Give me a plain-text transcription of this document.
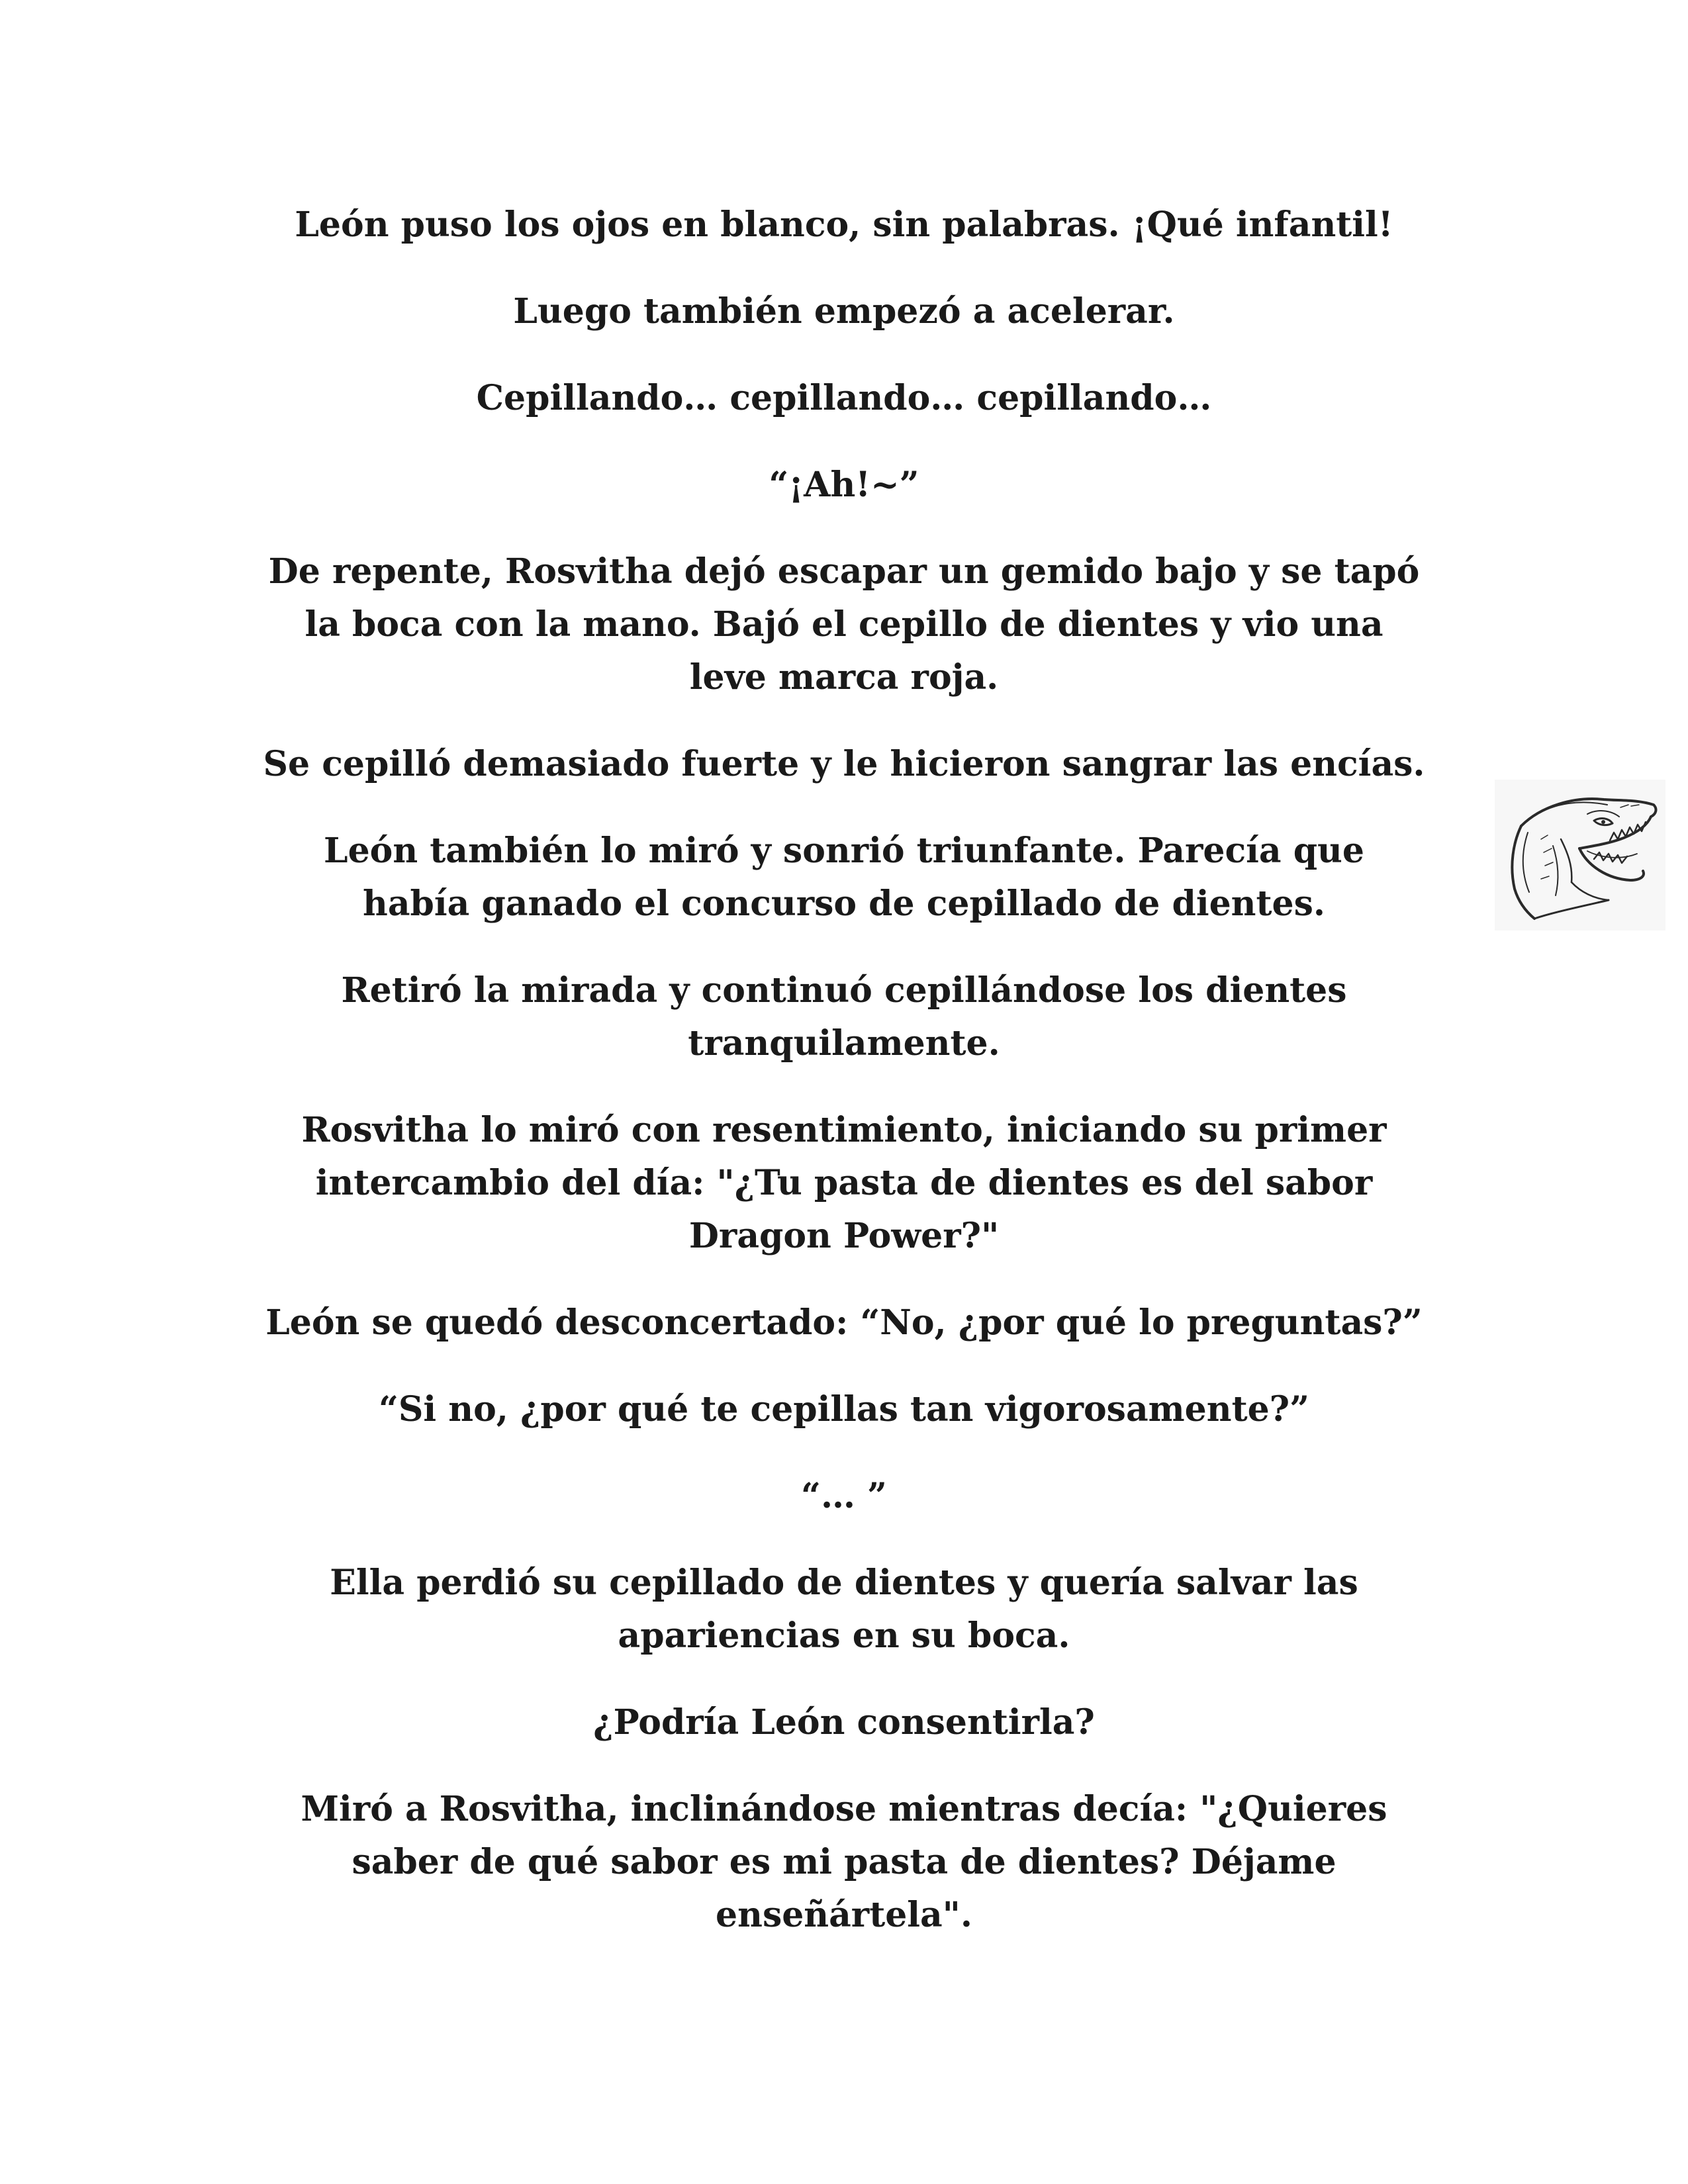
León puso los ojos en blanco, sin palabras. ¡Qué infantil!

Luego también empezó a acelerar.

Cepillando… cepillando… cepillando…

“¡Ah!~”

De repente, Rosvitha dejó escapar un gemido bajo y se tapó la boca con la mano. Bajó el cepillo de dientes y vio una leve marca roja.

Se cepilló demasiado fuerte y le hicieron sangrar las encías.

León también lo miró y sonrió triunfante. Parecía que había ganado el concurso de cepillado de dientes.

Retiró la mirada y continuó cepillándose los dientes tranquilamente.

Rosvitha lo miró con resentimiento, iniciando su primer intercambio del día: "¿Tu pasta de dientes es del sabor Dragon Power?"

León se quedó desconcertado: “No, ¿por qué lo preguntas?”

“Si no, ¿por qué te cepillas tan vigorosamente?”

“… ”

Ella perdió su cepillado de dientes y quería salvar las apariencias en su boca.

¿Podría León consentirla?

Miró a Rosvitha, inclinándose mientras decía: "¿Quieres saber de qué sabor es mi pasta de dientes? Déjame enseñártela".
